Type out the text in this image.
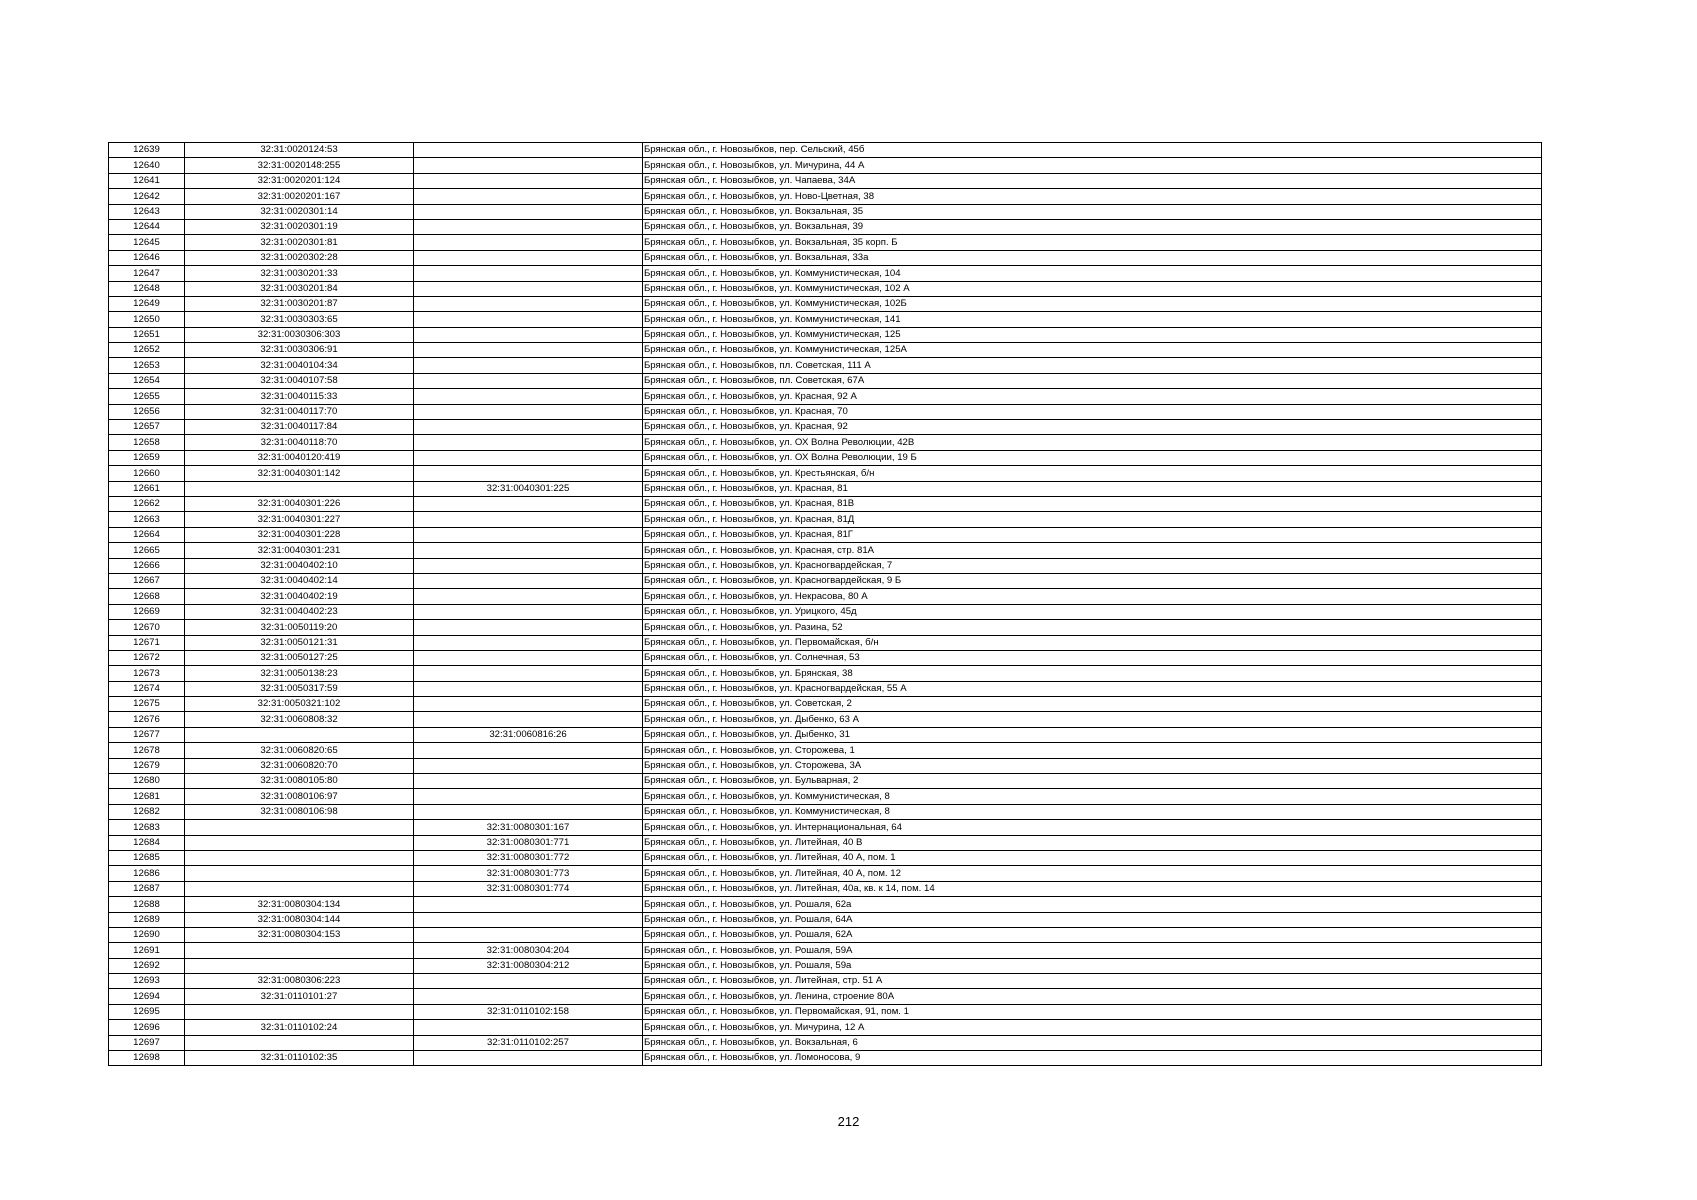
12639	32:31:0020124:53		Брянская обл., г. Новозыбков, пер. Сельский, 45б
12640	32:31:0020148:255		Брянская обл., г. Новозыбков, ул. Мичурина, 44 А
12641	32:31:0020201:124		Брянская обл., г. Новозыбков, ул. Чапаева, 34А
12642	32:31:0020201:167		Брянская обл., г. Новозыбков, ул. Ново-Цветная, 38
12643	32:31:0020301:14		Брянская обл., г. Новозыбков, ул. Вокзальная, 35
12644	32:31:0020301:19		Брянская обл., г. Новозыбков, ул. Вокзальная, 39
12645	32:31:0020301:81		Брянская обл., г. Новозыбков, ул. Вокзальная, 35 корп. Б
12646	32:31:0020302:28		Брянская обл., г. Новозыбков, ул. Вокзальная, 33а
12647	32:31:0030201:33		Брянская обл., г. Новозыбков, ул. Коммунистическая, 104
12648	32:31:0030201:84		Брянская обл., г. Новозыбков, ул. Коммунистическая, 102 А
12649	32:31:0030201:87		Брянская обл., г. Новозыбков, ул. Коммунистическая, 102Б
12650	32:31:0030303:65		Брянская обл., г. Новозыбков, ул. Коммунистическая, 141
12651	32:31:0030306:303		Брянская обл., г. Новозыбков, ул. Коммунистическая, 125
12652	32:31:0030306:91		Брянская обл., г. Новозыбков, ул. Коммунистическая, 125А
12653	32:31:0040104:34		Брянская обл., г. Новозыбков, пл. Советская, 111 А
12654	32:31:0040107:58		Брянская обл., г. Новозыбков, пл. Советская, 67А
12655	32:31:0040115:33		Брянская обл., г. Новозыбков, ул. Красная, 92 А
12656	32:31:0040117:70		Брянская обл., г. Новозыбков, ул. Красная, 70
12657	32:31:0040117:84		Брянская обл., г. Новозыбков, ул. Красная, 92
12658	32:31:0040118:70		Брянская обл., г. Новозыбков, ул. ОХ Волна Революции, 42В
12659	32:31:0040120:419		Брянская обл., г. Новозыбков, ул. ОХ Волна Революции, 19 Б
12660	32:31:0040301:142		Брянская обл., г. Новозыбков, ул. Крестьянская, б/н
12661		32:31:0040301:225	Брянская обл., г. Новозыбков, ул. Красная, 81
12662	32:31:0040301:226		Брянская обл., г. Новозыбков, ул. Красная, 81В
12663	32:31:0040301:227		Брянская обл., г. Новозыбков, ул. Красная, 81Д
12664	32:31:0040301:228		Брянская обл., г. Новозыбков, ул. Красная, 81Г
12665	32:31:0040301:231		Брянская обл., г. Новозыбков, ул. Красная, стр. 81А
12666	32:31:0040402:10		Брянская обл., г. Новозыбков, ул. Красногвардейская, 7
12667	32:31:0040402:14		Брянская обл., г. Новозыбков, ул. Красногвардейская, 9 Б
12668	32:31:0040402:19		Брянская обл., г. Новозыбков, ул. Некрасова, 80 А
12669	32:31:0040402:23		Брянская обл., г. Новозыбков, ул. Урицкого, 45д
12670	32:31:0050119:20		Брянская обл., г. Новозыбков, ул. Разина, 52
12671	32:31:0050121:31		Брянская обл., г. Новозыбков, ул. Первомайская, б/н
12672	32:31:0050127:25		Брянская обл., г. Новозыбков, ул. Солнечная, 53
12673	32:31:0050138:23		Брянская обл., г. Новозыбков, ул. Брянская, 38
12674	32:31:0050317:59		Брянская обл., г. Новозыбков, ул. Красногвардейская, 55 А
12675	32:31:0050321:102		Брянская обл., г. Новозыбков, ул. Советская, 2
12676	32:31:0060808:32		Брянская обл., г. Новозыбков, ул. Дыбенко, 63 А
12677		32:31:0060816:26	Брянская обл., г. Новозыбков, ул. Дыбенко, 31
12678	32:31:0060820:65		Брянская обл., г. Новозыбков, ул. Сторожева, 1
12679	32:31:0060820:70		Брянская обл., г. Новозыбков, ул. Сторожева, 3А
12680	32:31:0080105:80		Брянская обл., г. Новозыбков, ул. Бульварная, 2
12681	32:31:0080106:97		Брянская обл., г. Новозыбков, ул. Коммунистическая, 8
12682	32:31:0080106:98		Брянская обл., г. Новозыбков, ул. Коммунистическая, 8
12683		32:31:0080301:167	Брянская обл., г. Новозыбков, ул. Интернациональная, 64
12684		32:31:0080301:771	Брянская обл., г. Новозыбков, ул. Литейная, 40 В
12685		32:31:0080301:772	Брянская обл., г. Новозыбков, ул. Литейная, 40 А, пом. 1
12686		32:31:0080301:773	Брянская обл., г. Новозыбков, ул. Литейная, 40 А, пом. 12
12687		32:31:0080301:774	Брянская обл., г. Новозыбков, ул. Литейная, 40а, кв. к 14, пом. 14
12688	32:31:0080304:134		Брянская обл., г. Новозыбков, ул. Рошаля, 62а
12689	32:31:0080304:144		Брянская обл., г. Новозыбков, ул. Рошаля, 64А
12690	32:31:0080304:153		Брянская обл., г. Новозыбков, ул. Рошаля, 62А
12691		32:31:0080304:204	Брянская обл., г. Новозыбков, ул. Рошаля, 59А
12692		32:31:0080304:212	Брянская обл., г. Новозыбков, ул. Рошаля, 59а
12693	32:31:0080306:223		Брянская обл., г. Новозыбков, ул. Литейная, стр. 51 А
12694	32:31:0110101:27		Брянская обл., г. Новозыбков, ул. Ленина, строение 80А
12695		32:31:0110102:158	Брянская обл., г. Новозыбков, ул. Первомайская, 91, пом. 1
12696	32:31:0110102:24		Брянская обл., г. Новозыбков, ул. Мичурина, 12 А
12697		32:31:0110102:257	Брянская обл., г. Новозыбков, ул. Вокзальная, 6
12698	32:31:0110102:35		Брянская обл., г. Новозыбков, ул. Ломоносова, 9
212
